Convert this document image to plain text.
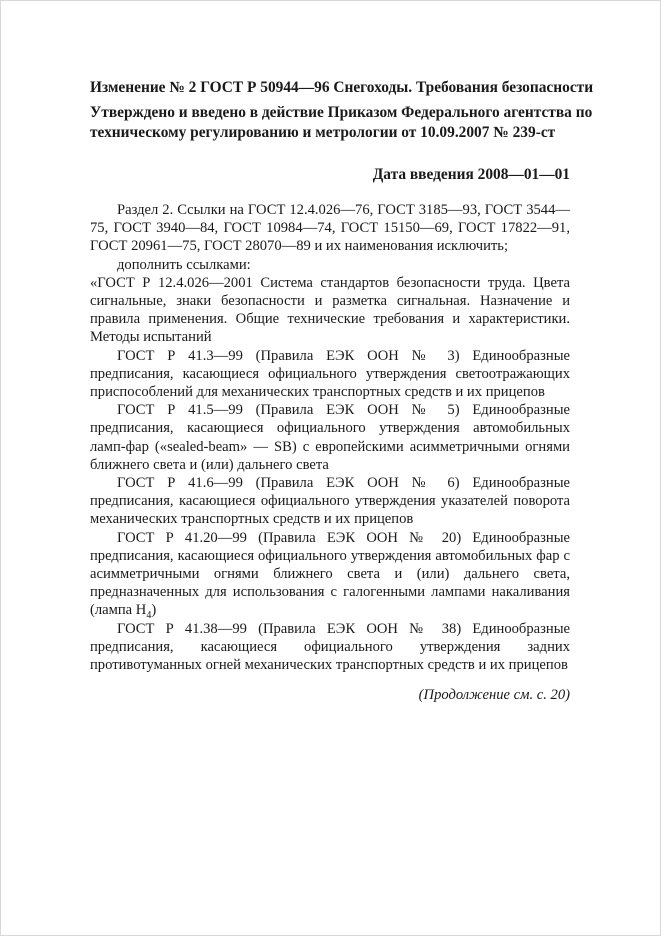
Изменение № 2 ГОСТ Р 50944—96 Снегоходы. Требования безопасности
Утверждено и введено в действие Приказом Федерального агентства по
техническому регулированию и метрологии от 10.09.2007 № 239-ст
Дата введения 2008—01—01

Раздел 2. Ссылки на ГОСТ 12.4.026—76, ГОСТ 3185—93, ГОСТ 3544—75, ГОСТ 3940—84, ГОСТ 10984—74, ГОСТ 15150—69, ГОСТ 17822—91, ГОСТ 20961—75, ГОСТ 28070—89 и их наименования исключить;

дополнить ссылками:

«ГОСТ Р 12.4.026—2001 Система стандартов безопасности труда. Цвета сигнальные, знаки безопасности и разметка сигнальная. Назначение и правила применения. Общие технические требования и характеристики. Методы испытаний

ГОСТ Р 41.3—99 (Правила ЕЭК ООН № 3) Единообразные предписания, касающиеся официального утверждения светоотражающих приспособлений для механических транспортных средств и их прицепов

ГОСТ Р 41.5—99 (Правила ЕЭК ООН № 5) Единообразные предписания, касающиеся официального утверждения автомобильных ламп-фар («sealed-beam» — SB) с европейскими асимметричными огнями ближнего света и (или) дальнего света

ГОСТ Р 41.6—99 (Правила ЕЭК ООН № 6) Единообразные предписания, касающиеся официального утверждения указателей поворота механических транспортных средств и их прицепов

ГОСТ Р 41.20—99 (Правила ЕЭК ООН № 20) Единообразные предписания, касающиеся официального утверждения автомобильных фар с асимметричными огнями ближнего света и (или) дальнего света, предназначенных для использования с галогенными лампами накаливания (лампа $H_4$)

ГОСТ Р 41.38—99 (Правила ЕЭК ООН № 38) Единообразные предписания, касающиеся официального утверждения задних противотуманных огней механических транспортных средств и их прицепов

(Продолжение см. с. 20)
